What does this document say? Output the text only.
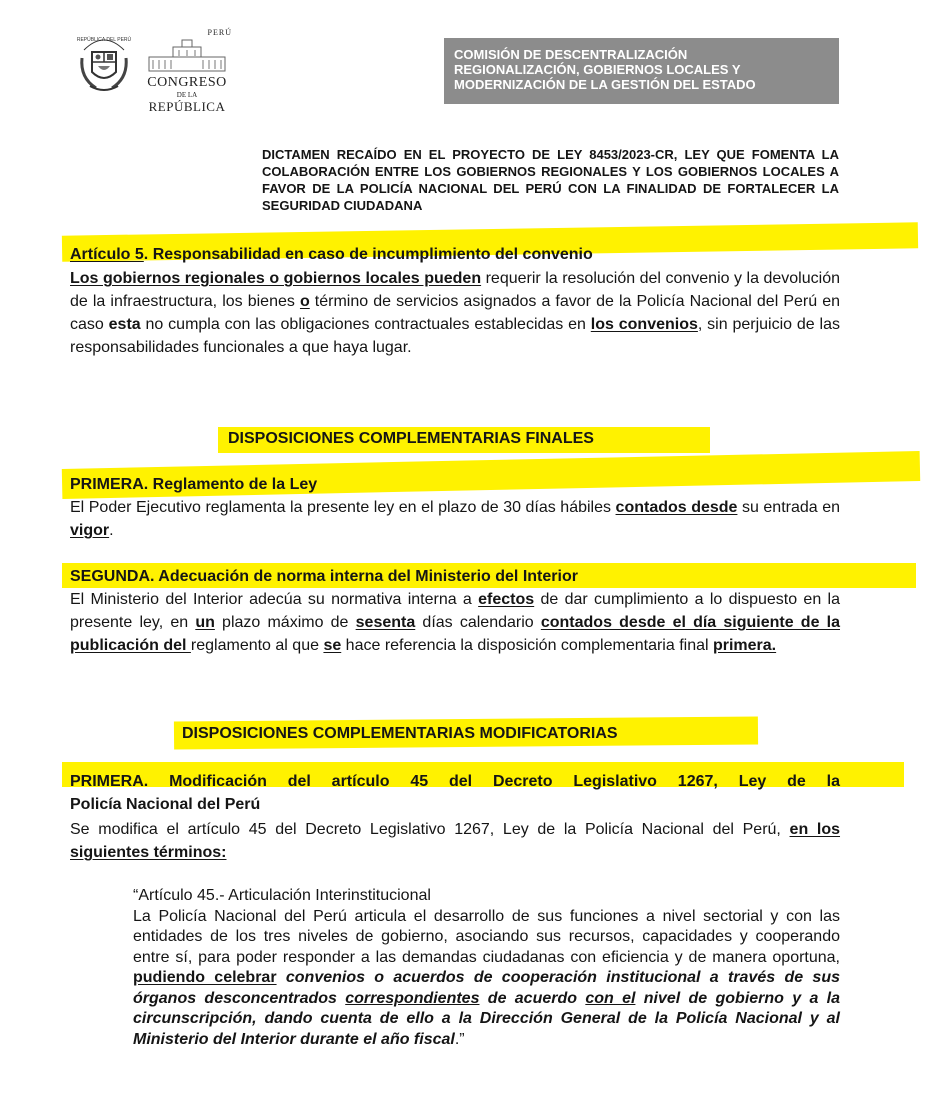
REPÚBLICA DEL PERÚ
PERÚ
CONGRESO
DE LA
REPÚBLICA
COMISIÓN DE DESCENTRALIZACIÓN
REGIONALIZACIÓN, GOBIERNOS LOCALES Y
MODERNIZACIÓN DE LA GESTIÓN DEL ESTADO
DICTAMEN RECAÍDO EN EL PROYECTO DE LEY 8453/2023-CR, LEY QUE FOMENTA LA COLABORACIÓN ENTRE LOS GOBIERNOS REGIONALES Y LOS GOBIERNOS LOCALES A FAVOR DE LA POLICÍA NACIONAL DEL PERÚ CON LA FINALIDAD DE FORTALECER LA SEGURIDAD CIUDADANA
Artículo 5. Responsabilidad en caso de incumplimiento del convenio
Los gobiernos regionales o gobiernos locales pueden requerir la resolución del convenio y la devolución de la infraestructura, los bienes o término de servicios asignados a favor de la Policía Nacional del Perú en caso esta no cumpla con las obligaciones contractuales establecidas en los convenios, sin perjuicio de las responsabilidades funcionales a que haya lugar.
DISPOSICIONES COMPLEMENTARIAS FINALES
PRIMERA. Reglamento de la Ley
El Poder Ejecutivo reglamenta la presente ley en el plazo de 30 días hábiles contados desde su entrada en vigor.
SEGUNDA. Adecuación de norma interna del Ministerio del Interior
El Ministerio del Interior adecúa su normativa interna a efectos de dar cumplimiento a lo dispuesto en la presente ley, en un plazo máximo de sesenta días calendario contados desde el día siguiente de la publicación del reglamento al que se hace referencia la disposición complementaria final primera.
DISPOSICIONES COMPLEMENTARIAS MODIFICATORIAS
PRIMERA. Modificación del artículo 45 del Decreto Legislativo 1267, Ley de la
Policía Nacional del Perú
Se modifica el artículo 45 del Decreto Legislativo 1267, Ley de la Policía Nacional del Perú, en los siguientes términos:
“Artículo 45.- Articulación Interinstitucional
La Policía Nacional del Perú articula el desarrollo de sus funciones a nivel sectorial y con las entidades de los tres niveles de gobierno, asociando sus recursos, capacidades y cooperando entre sí, para poder responder a las demandas ciudadanas con eficiencia y de manera oportuna, pudiendo celebrar convenios o acuerdos de cooperación institucional a través de sus órganos desconcentrados correspondientes de acuerdo con el nivel de gobierno y a la circunscripción, dando cuenta de ello a la Dirección General de la Policía Nacional y al Ministerio del Interior durante el año fiscal.”
